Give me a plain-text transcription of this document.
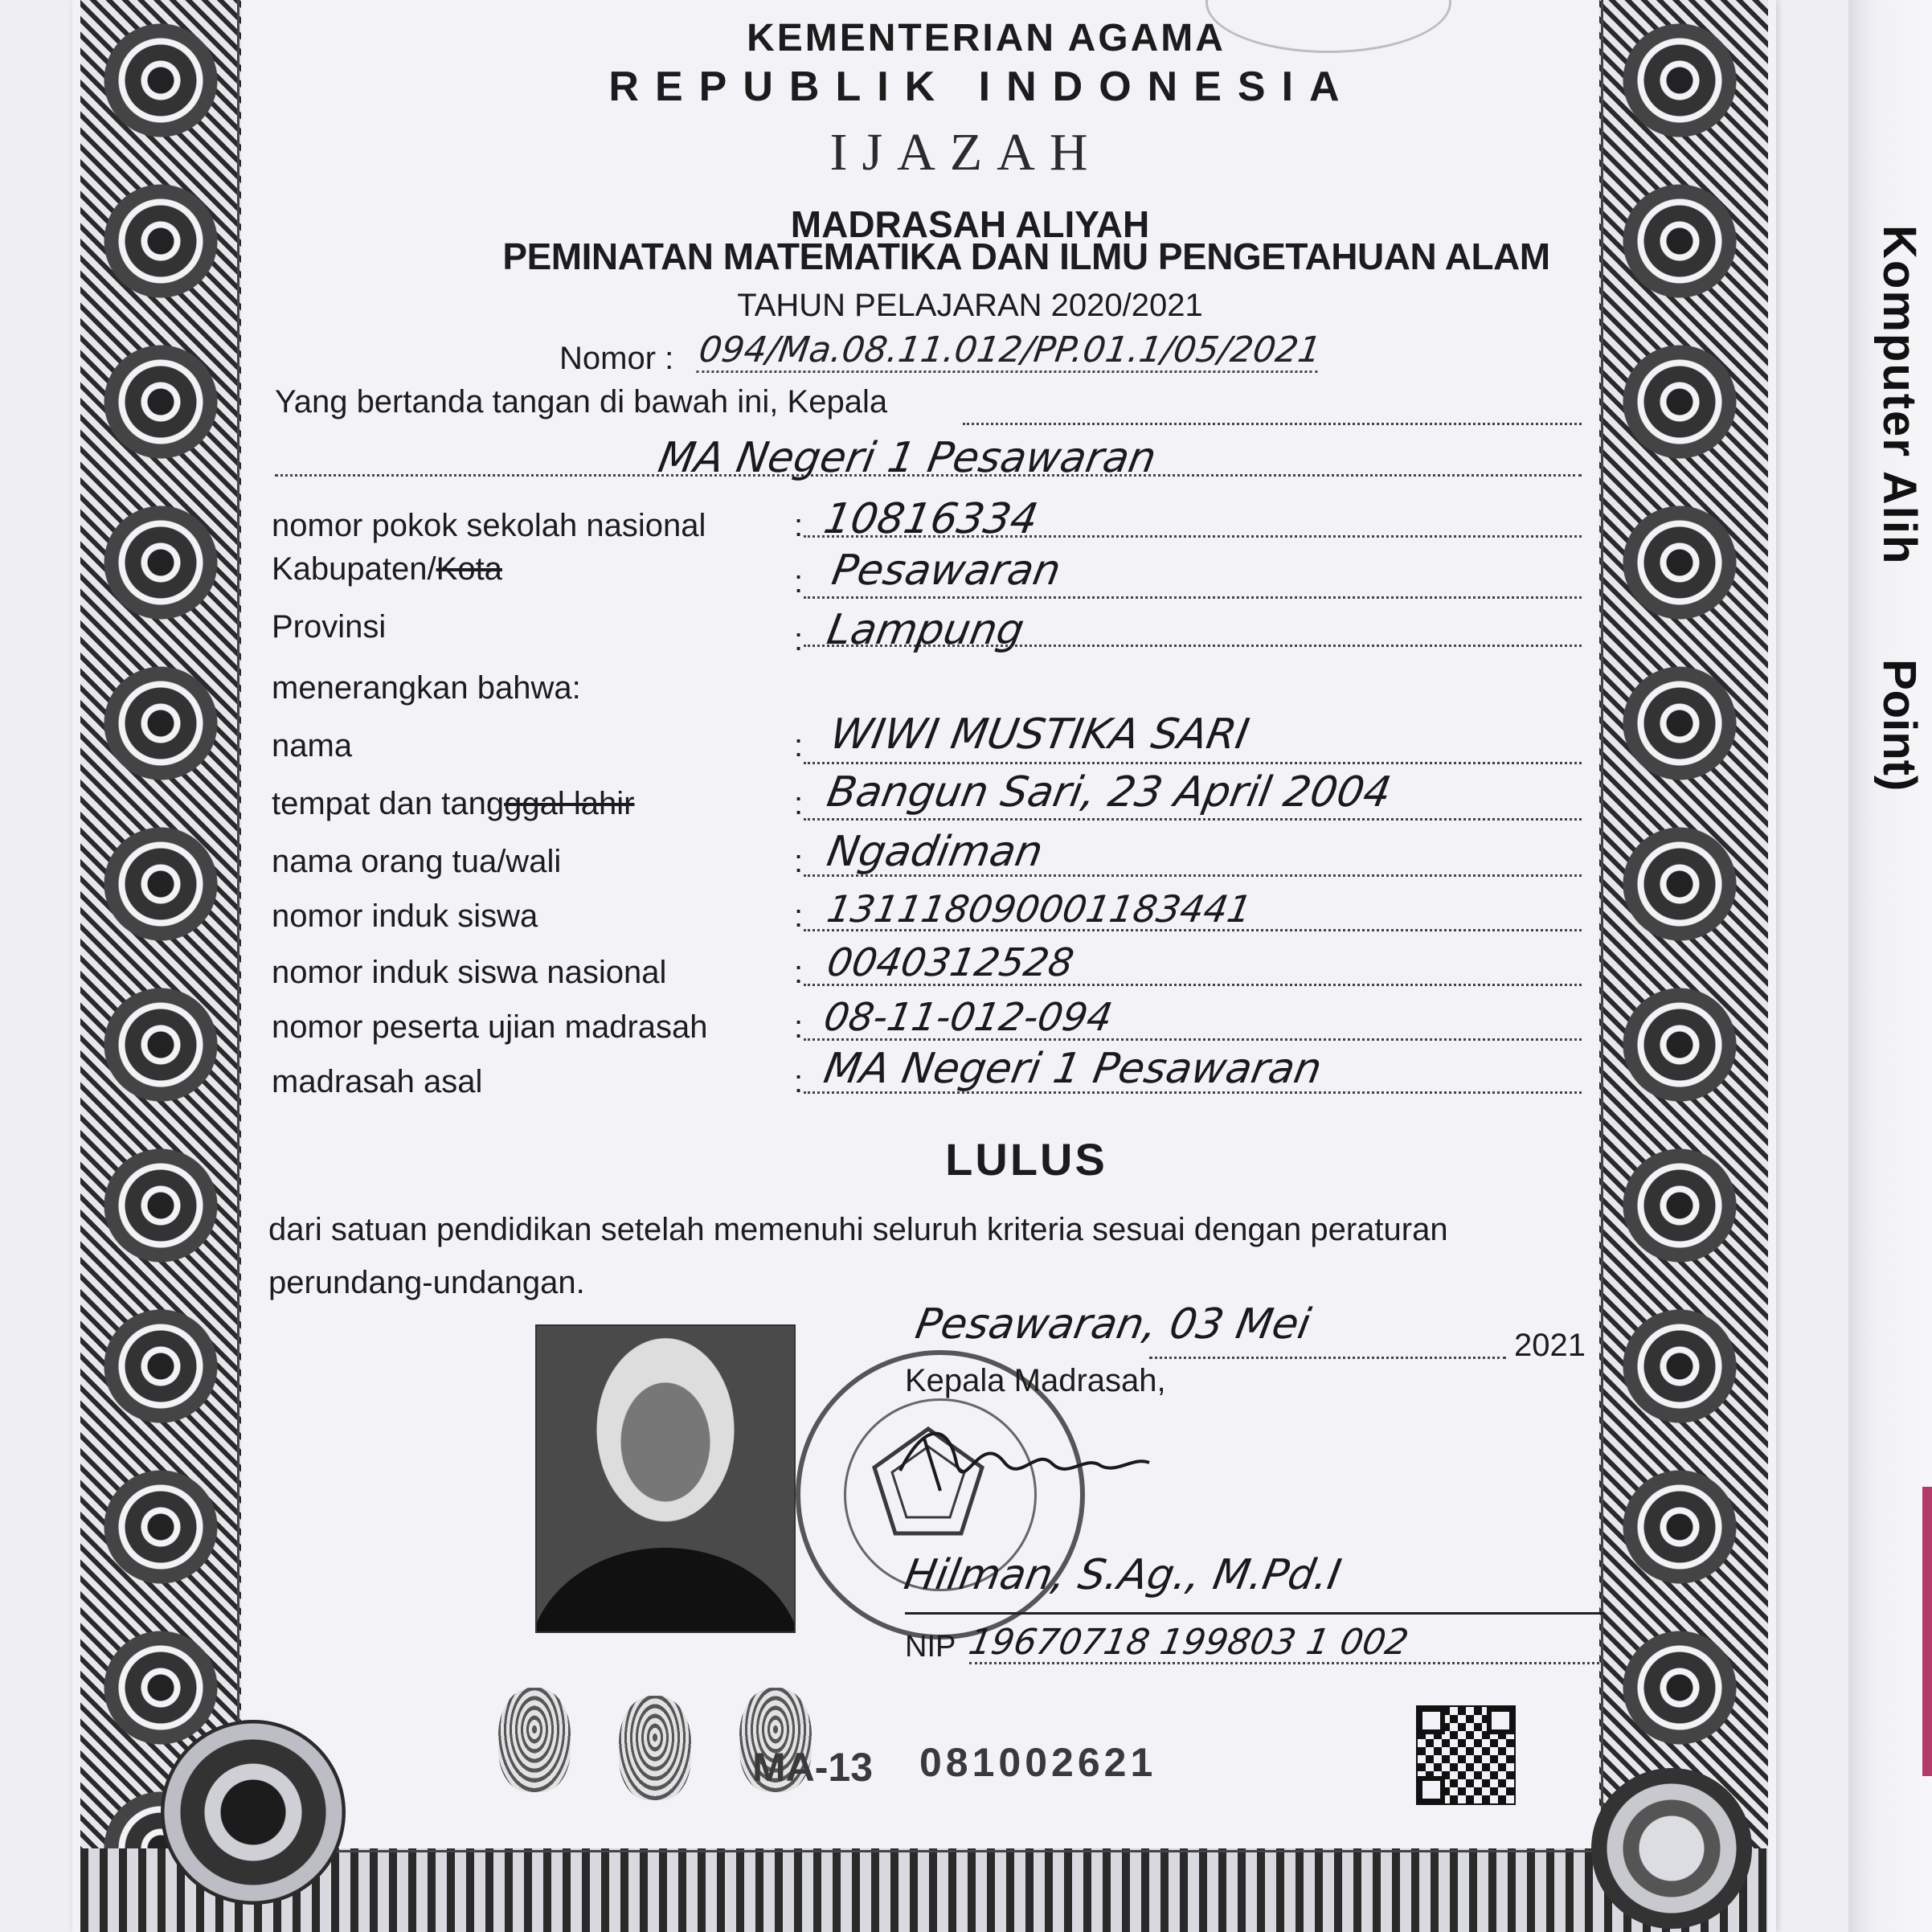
Komputer Alih
Point)
KEMENTERIAN AGAMA
REPUBLIK INDONESIA
IJAZAH
MADRASAH ALIYAH
PEMINATAN MATEMATIKA DAN ILMU PENGETAHUAN ALAM
TAHUN PELAJARAN 2020/2021
Nomor : 094/Ma.08.11.012/PP.01.1/05/2021
Yang bertanda tangan di bawah ini, Kepala
MA Negeri 1 Pesawaran
nomor pokok sekolah nasional	: 10816334
Kabupaten/Kota	: Pesawaran
Provinsi	: Lampung
menerangkan bahwa:
nama	: WIWI MUSTIKA SARI
tempat dan tangggal lahir	: Bangun Sari, 23 April 2004
nama orang tua/wali	: Ngadiman
nomor induk siswa	: 131118090001183441
nomor induk siswa nasional	: 0040312528
nomor peserta ujian madrasah	: 08-11-012-094
madrasah asal	: MA Negeri 1 Pesawaran
LULUS
dari satuan pendidikan setelah memenuhi seluruh kriteria sesuai dengan peraturan
perundang-undangan.
Pesawaran, 03 Mei	2021
Kepala Madrasah,
Hilman, S.Ag., M.Pd.I
NIP 19670718 199803 1 002
MA-13 081002621
